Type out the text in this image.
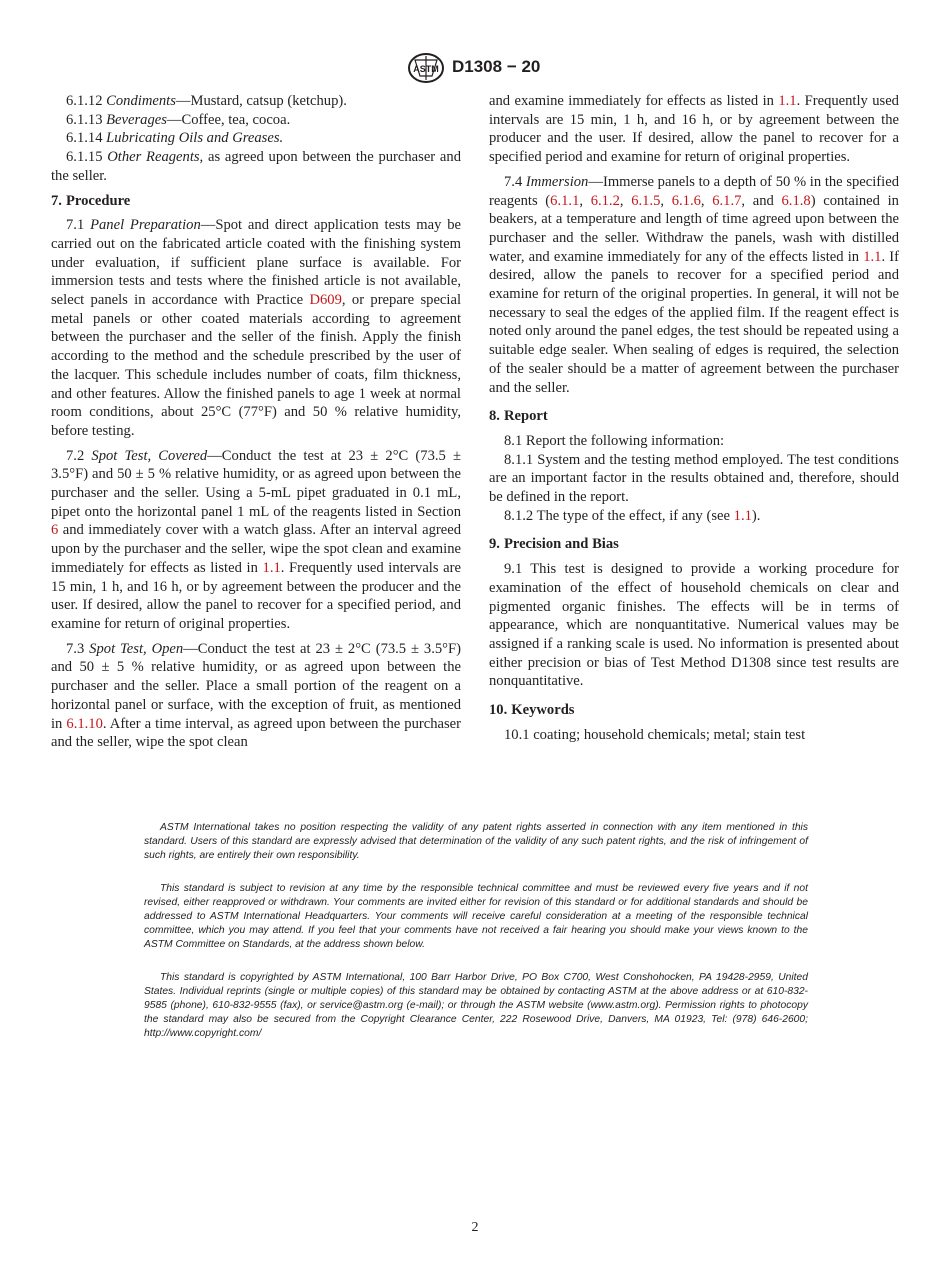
ASTM D1308 − 20

6.1.12 Condiments—Mustard, catsup (ketchup).

6.1.13 Beverages—Coffee, tea, cocoa.

6.1.14 Lubricating Oils and Greases.

6.1.15 Other Reagents, as agreed upon between the purchaser and the seller.

7. Procedure

7.1 Panel Preparation—Spot and direct application tests may be carried out on the fabricated article coated with the finishing system under evaluation, if sufficient plane surface is available. For immersion tests and tests where the finished article is not available, select panels in accordance with Practice D609, or prepare special metal panels or other coated materials according to agreement between the purchaser and the seller of the finish. Apply the finish according to the method and the schedule prescribed by the user of the lacquer. This schedule includes number of coats, film thickness, and other features. Allow the finished panels to age 1 week at normal room conditions, about 25°C (77°F) and 50 % relative humidity, before testing.

7.2 Spot Test, Covered—Conduct the test at 23 ± 2°C (73.5 ± 3.5°F) and 50 ± 5 % relative humidity, or as agreed upon between the purchaser and the seller. Using a 5-mL pipet graduated in 0.1 mL, pipet onto the horizontal panel 1 mL of the reagents listed in Section 6 and immediately cover with a watch glass. After an interval agreed upon by the purchaser and the seller, wipe the spot clean and examine immediately for effects as listed in 1.1. Frequently used intervals are 15 min, 1 h, and 16 h, or by agreement between the producer and the user. If desired, allow the panel to recover for a specified period, and examine for return of original properties.

7.3 Spot Test, Open—Conduct the test at 23 ± 2°C (73.5 ± 3.5°F) and 50 ± 5 % relative humidity, or as agreed upon between the purchaser and the seller. Place a small portion of the reagent on a horizontal panel or surface, with the exception of fruit, as mentioned in 6.1.10. After a time interval, as agreed upon between the purchaser and the seller, wipe the spot clean

and examine immediately for effects as listed in 1.1. Frequently used intervals are 15 min, 1 h, and 16 h, or by agreement between the producer and the user. If desired, allow the panel to recover for a specified period and examine for return of original properties.

7.4 Immersion—Immerse panels to a depth of 50 % in the specified reagents (6.1.1, 6.1.2, 6.1.5, 6.1.6, 6.1.7, and 6.1.8) contained in beakers, at a temperature and length of time agreed upon between the purchaser and the seller. Withdraw the panels, wash with distilled water, and examine immediately for any of the effects listed in 1.1. If desired, allow the panels to recover for a specified period and examine for return of the original properties. In general, it will not be necessary to seal the edges of the applied film. If the reagent effect is noted only around the panel edges, the test should be repeated using a suitable edge sealer. When sealing of edges is required, the selection of the sealer should be a matter of agreement between the purchaser and the seller.

8. Report

8.1 Report the following information:

8.1.1 System and the testing method employed. The test conditions are an important factor in the results obtained and, therefore, should be defined in the report.

8.1.2 The type of the effect, if any (see 1.1).

9. Precision and Bias

9.1 This test is designed to provide a working procedure for examination of the effect of household chemicals on clear and pigmented organic finishes. The effects will be in terms of appearance, which are nonquantitative. Numerical values may be assigned if a ranking scale is used. No information is presented about either precision or bias of Test Method D1308 since test results are nonquantitative.

10. Keywords

10.1 coating; household chemicals; metal; stain test

ASTM International takes no position respecting the validity of any patent rights asserted in connection with any item mentioned in this standard. Users of this standard are expressly advised that determination of the validity of any such patent rights, and the risk of infringement of such rights, are entirely their own responsibility.

This standard is subject to revision at any time by the responsible technical committee and must be reviewed every five years and if not revised, either reapproved or withdrawn. Your comments are invited either for revision of this standard or for additional standards and should be addressed to ASTM International Headquarters. Your comments will receive careful consideration at a meeting of the responsible technical committee, which you may attend. If you feel that your comments have not received a fair hearing you should make your views known to the ASTM Committee on Standards, at the address shown below.

This standard is copyrighted by ASTM International, 100 Barr Harbor Drive, PO Box C700, West Conshohocken, PA 19428-2959, United States. Individual reprints (single or multiple copies) of this standard may be obtained by contacting ASTM at the above address or at 610-832-9585 (phone), 610-832-9555 (fax), or service@astm.org (e-mail); or through the ASTM website (www.astm.org). Permission rights to photocopy the standard may also be secured from the Copyright Clearance Center, 222 Rosewood Drive, Danvers, MA 01923, Tel: (978) 646-2600; http://www.copyright.com/

2
